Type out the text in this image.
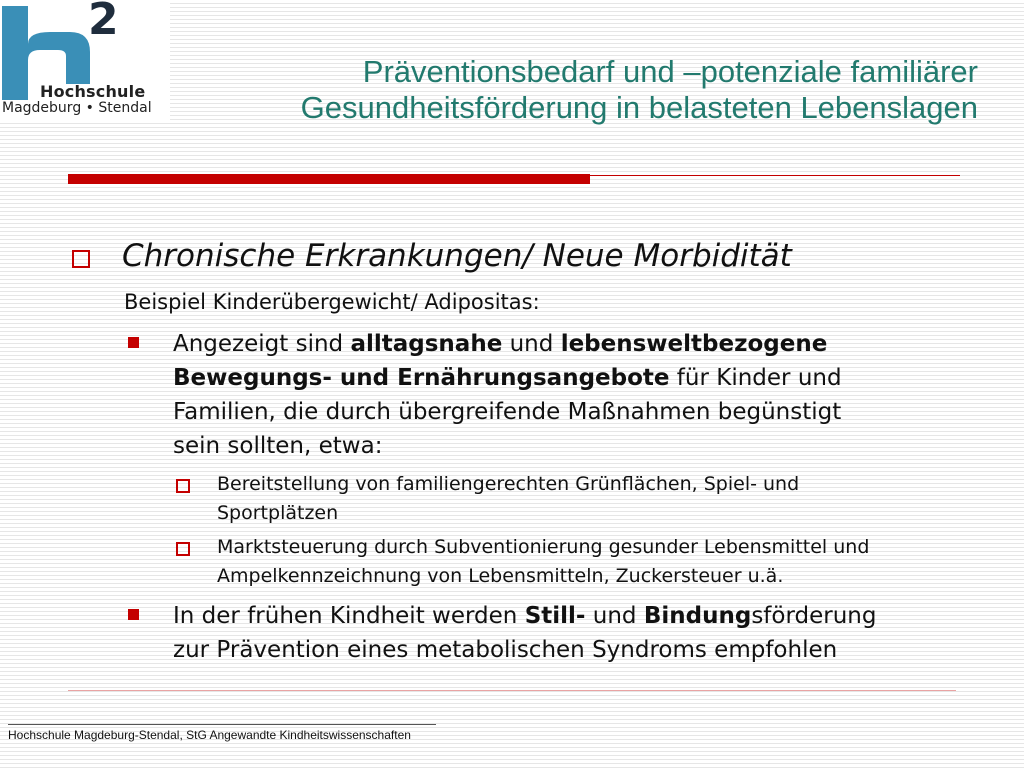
2
Hochschule
Magdeburg • Stendal
Präventionsbedarf und –potenziale familiärer
Gesundheitsförderung in belasteten Lebenslagen
Chronische Erkrankungen/ Neue Morbidität
Beispiel Kinderübergewicht/ Adipositas:
Angezeigt sind alltagsnahe und lebensweltbezogene
Bewegungs- und Ernährungsangebote für Kinder und
Familien, die durch übergreifende Maßnahmen begünstigt
sein sollten, etwa:
Bereitstellung von familiengerechten Grünflächen, Spiel- und
Sportplätzen
Marktsteuerung durch Subventionierung gesunder Lebensmittel und
Ampelkennzeichnung von Lebensmitteln, Zuckersteuer u.ä.
In der frühen Kindheit werden Still- und Bindungsförderung
zur Prävention eines metabolischen Syndroms empfohlen
Hochschule Magdeburg-Stendal, StG Angewandte Kindheitswissenschaften
